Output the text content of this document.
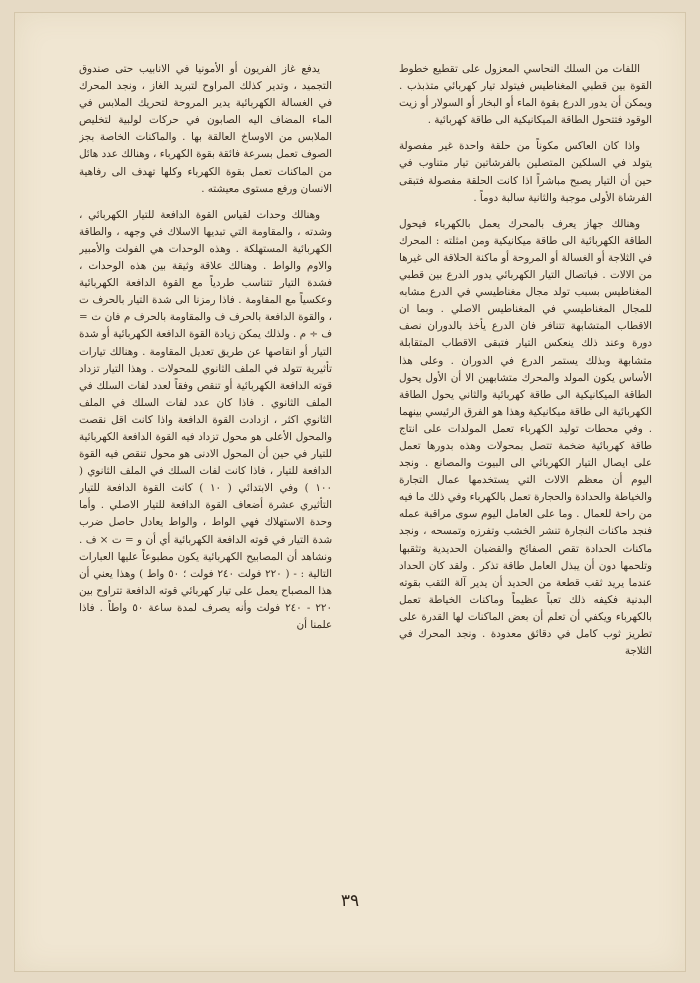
اللفات من السلك النحاسي المعزول على تقطيع خطوط القوة بين قطبي المغناطيس فيتولد تيار كهربائي متذبذب . ويمكن أن يدور الدرع بقوة الماء أو البخار أو السولار أو زيت الوقود فتتحول الطاقة الميكانيكية الى طاقة كهربائية .

واذا كان العاكس مكوناً من حلقة واحدة غير مفصولة يتولد في السلكين المتصلين بالفرشاتين تيار متناوب في حين أن التيار يصبح مباشراً اذا كانت الحلقة مفصولة فتبقى الفرشاة الأولى موجبة والثانية سالبة دوماً .

وهنالك جهاز يعرف بالمحرك يعمل بالكهرباء فيحول الطاقة الكهربائية الى طاقة ميكانيكية ومن امثلته : المحرك في الثلاجة أو الغسالة أو المروحة أو ماكنة الحلاقة الى غيرها من الالات . فباتصال التيار الكهربائي يدور الدرع بين قطبي المغناطيس بسبب تولد مجال مغناطيسي في الدرع مشابه للمجال المغناطيسي في المغناطيس الاصلي . وبما ان الاقطاب المتشابهة تتنافر فان الدرع يأخذ بالدوران نصف دورة وعند ذلك ينعكس التيار فتبقى الاقطاب المتقابلة متشابهة وبذلك يستمر الدرع في الدوران . وعلى هذا الأساس يكون المولد والمحرك متشابهين الا أن الأول يحول الطاقة الميكانيكية الى طاقة كهربائية والثاني يحول الطاقة الكهربائية الى طاقة ميكانيكية وهذا هو الفرق الرئيسي بينهما . وفي محطات توليد الكهرباء تعمل المولدات على انتاج طاقة كهربائية ضخمة تتصل بمحولات وهذه بدورها تعمل على ايصال التيار الكهربائي الى البيوت والمصانع . ونجد اليوم أن معظم الالات التي يستخدمها عمال التجارة والخياطة والحدادة والحجارة تعمل بالكهرباء وفي ذلك ما فيه من راحة للعمال . وما على العامل اليوم سوى مراقبة عمله فنجد ماكنات النجارة تنشر الخشب وتفرزه وتمسحه ، ونجد ماكنات الحدادة تقص الصفائح والقضبان الحديدية وتثقبها وتلحمها دون أن يبذل العامل طاقة تذكر . ولقد كان الحداد عندما يريد ثقب قطعة من الحديد أن يدير آلة الثقب بقوته البدنية فكيفه ذلك تعباً عظيماً وماكنات الخياطة تعمل بالكهرباء ويكفي أن تعلم أن بعض الماكنات لها القدرة على تطريز ثوب كامل في دقائق معدودة . ونجد المحرك في الثلاجة

يدفع غاز الفريون أو الأمونيا في الانابيب حتى صندوق التجميد ، وتدير كذلك المراوح لتبريد الغاز ، ونجد المحرك في الغسالة الكهربائية يدير المروحة لتحريك الملابس في الماء المضاف اليه الصابون في حركات لولبية لتخليص الملابس من الاوساخ العالقة بها . والماكنات الخاصة بجز الصوف تعمل بسرعة فائقة بقوة الكهرباء ، وهنالك عدد هائل من الماكنات تعمل بقوة الكهرباء وكلها تهدف الى رفاهية الانسان ورفع مستوى معيشته .

وهنالك وحدات لقياس القوة الدافعة للتيار الكهربائي ، وشدته ، والمقاومة التي تبديها الاسلاك في وجهه ، والطاقة الكهربائية المستهلكة . وهذه الوحدات هي الفولت والأمبير والاوم والواط . وهنالك علاقة وثيقة بين هذه الوحدات ، فشدة التيار تتناسب طردياً مع القوة الدافعة الكهربائية وعكسياً مع المقاومة . فاذا رمزنا الى شدة التيار بالحرف ت ، والقوة الدافعة بالحرف ف والمقاومة بالحرف م فان ت = ف ÷ م . ولذلك يمكن زيادة القوة الدافعة الكهربائية أو شدة التيار أو انقاصها عن طريق تعديل المقاومة . وهنالك تيارات تأثيرية تتولد في الملف الثانوي للمحولات . وهذا التيار تزداد قوته الدافعة الكهربائية أو تنقص وفقاً لعدد لفات السلك في الملف الثانوي . فاذا كان عدد لفات السلك في الملف الثانوي اكثر ، ازدادت القوة الدافعة واذا كانت اقل نقصت والمحول الأعلى هو محول تزداد فيه القوة الدافعة الكهربائية للتيار في حين أن المحول الادنى هو محول تنقص فيه القوة الدافعة للتيار ، فاذا كانت لفات السلك في الملف الثانوي ( ١٠٠ ) وفي الابتدائي ( ١٠ ) كانت القوة الدافعة للتيار التأثيري عشرة أضعاف القوة الدافعة للتيار الاصلي . وأما وحدة الاستهلاك فهي الواط ، والواط يعادل حاصل ضرب شدة التيار في قوته الدافعة الكهربائية أي أن و = ت × ف . ونشاهد أن المصابيح الكهربائية يكون مطبوعاً عليها العبارات التالية : - ( ٢٢٠ فولت ٢٤٠ فولت ؛ ٥٠ واط ) وهذا يعني أن هذا المصباح يعمل على تيار كهربائي قوته الدافعة تتراوح بين ٢٢٠ - ٢٤٠ فولت وأنه يصرف لمدة ساعة ٥٠ واطاً . فاذا علمنا أن

٣٩
